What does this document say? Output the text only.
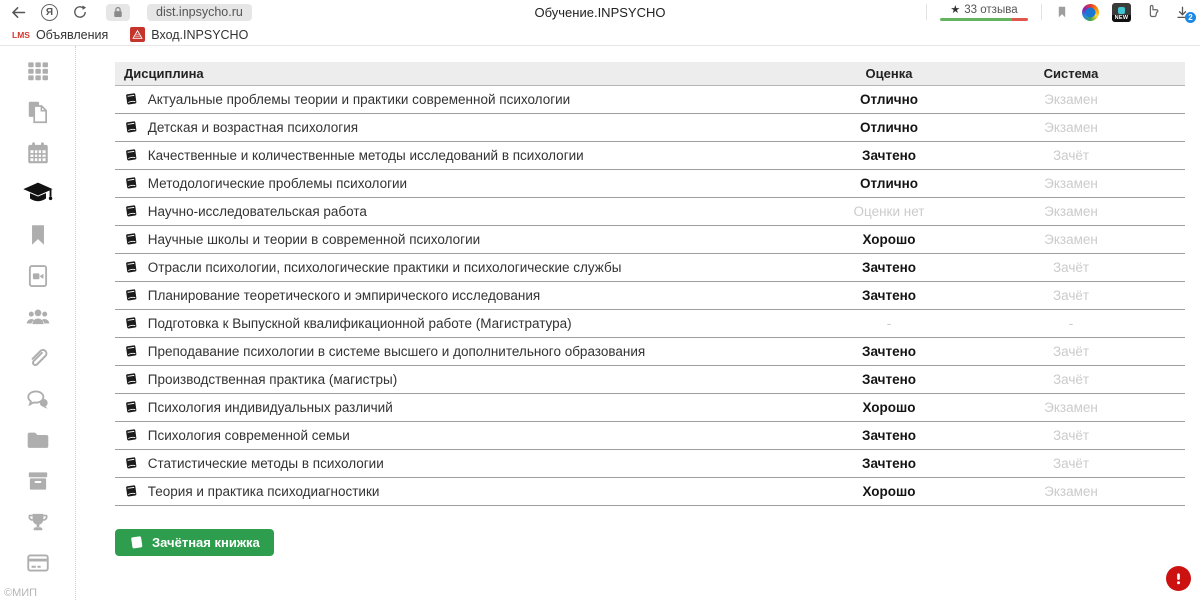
Я	dist.inpsycho.ru	Обучение.INPSYCHO	★ 33 отзыва
NEW	2
LMS Объявления	Вход.INPSYCHO
©МИП
Дисциплина	Оценка	Система
Актуальные проблемы теории и практики современной психологии	Отлично	Экзамен
Детская и возрастная психология	Отлично	Экзамен
Качественные и количественные методы исследований в психологии	Зачтено	Зачёт
Методологические проблемы психологии	Отлично	Экзамен
Научно-исследовательская работа	Оценки нет	Экзамен
Научные школы и теории в современной психологии	Хорошо	Экзамен
Отрасли психологии, психологические практики и психологические службы	Зачтено	Зачёт
Планирование теоретического и эмпирического исследования	Зачтено	Зачёт
Подготовка к Выпускной квалификационной работе (Магистратура)	-	-
Преподавание психологии в системе высшего и дополнительного образования	Зачтено	Зачёт
Производственная практика (магистры)	Зачтено	Зачёт
Психология индивидуальных различий	Хорошо	Экзамен
Психология современной семьи	Зачтено	Зачёт
Статистические методы в психологии	Зачтено	Зачёт
Теория и практика психодиагностики	Хорошо	Экзамен
Зачётная книжка
